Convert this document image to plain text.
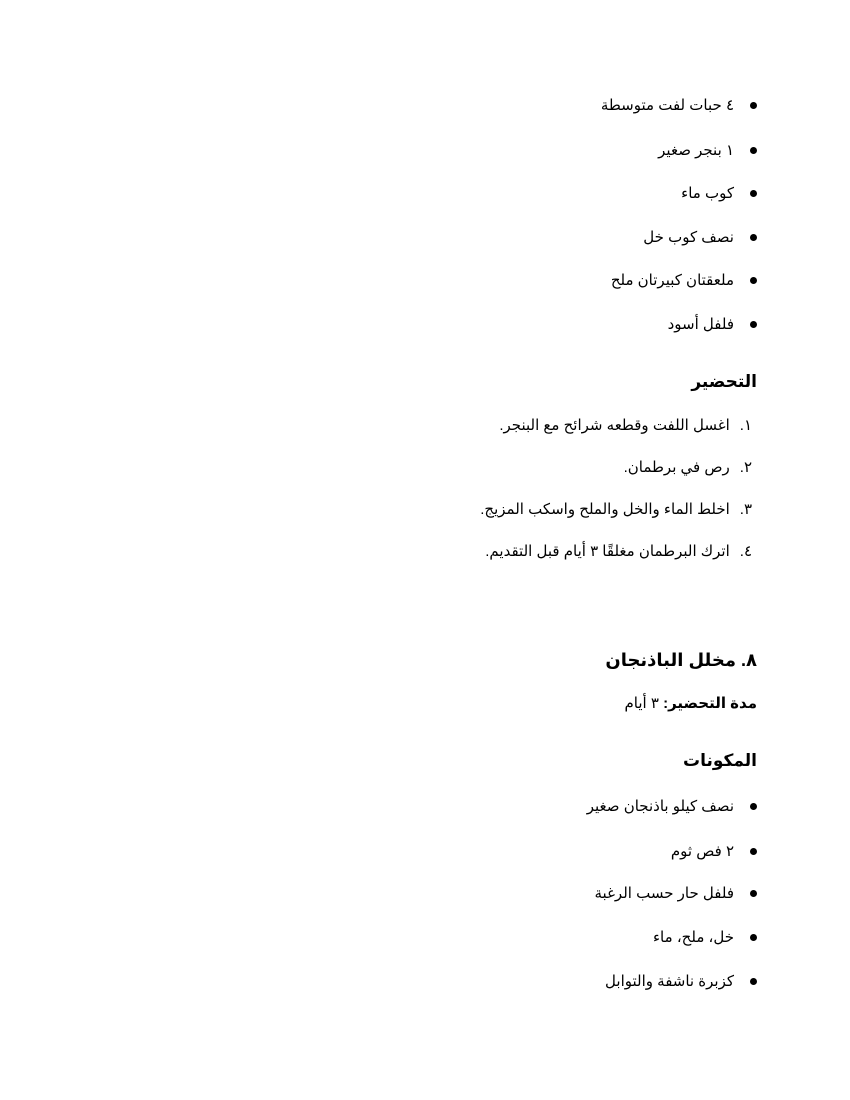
٤ حبات لفت متوسطة
١ بنجر صغير
كوب ماء
نصف كوب خل
ملعقتان كبيرتان ملح
فلفل أسود
التحضير
١.اغسل اللفت وقطعه شرائح مع البنجر.
٢.رص في برطمان.
٣.اخلط الماء والخل والملح واسكب المزيج.
٤.اترك البرطمان مغلقًا ٣ أيام قبل التقديم.
٨. مخلل الباذنجان
مدة التحضير: ٣ أيام
المكونات
نصف كيلو باذنجان صغير
٢ فص ثوم
فلفل حار حسب الرغبة
خل، ملح، ماء
كزبرة ناشفة والتوابل
